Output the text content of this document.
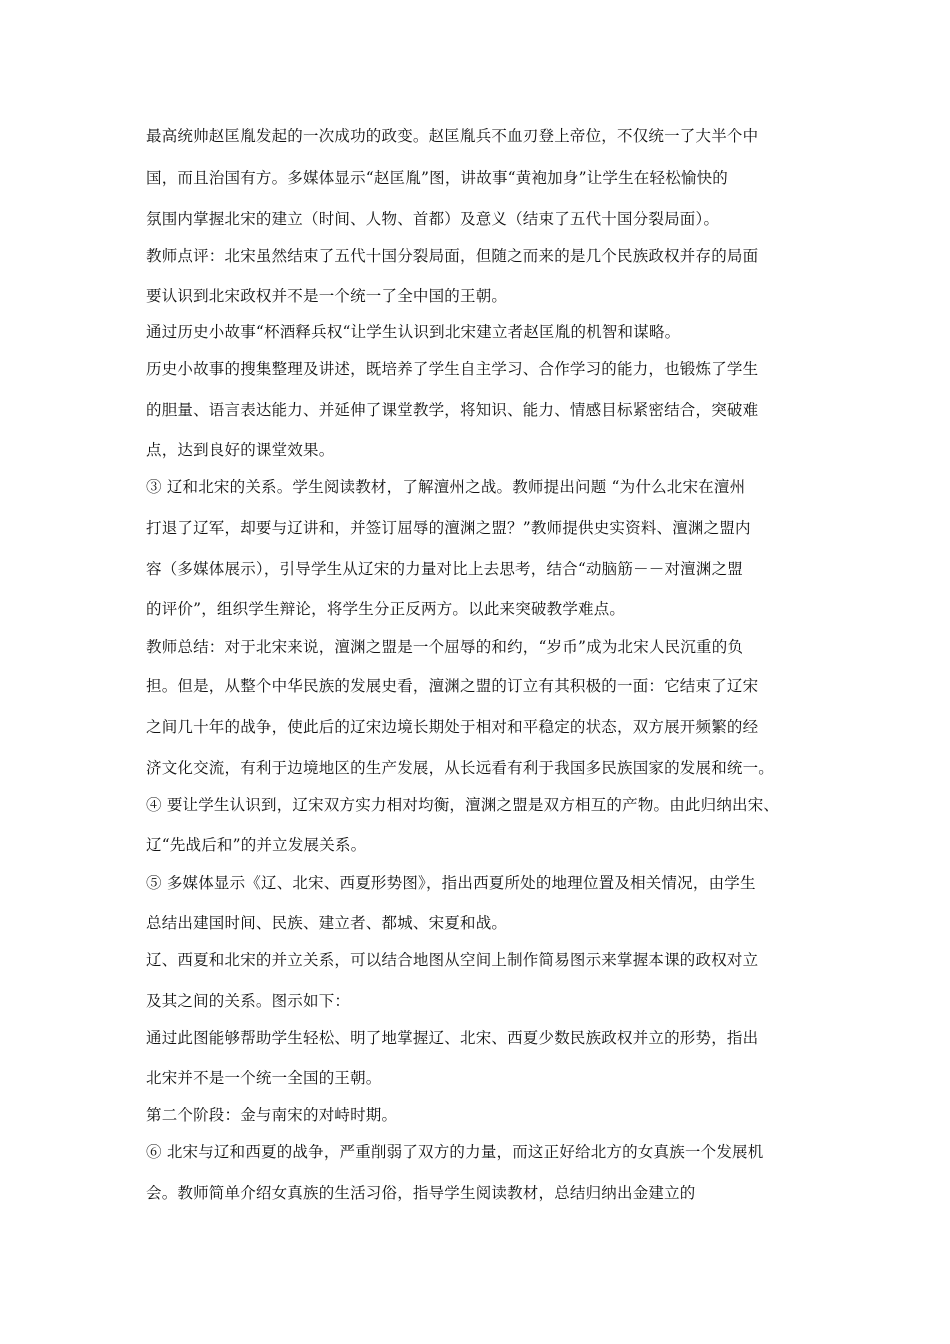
最高统帅赵匡胤发起的一次成功的政变。赵匡胤兵不血刃登上帝位，不仅统一了大半个中
国，而且治国有方。多媒体显示“赵匡胤”图，讲故事“黄袍加身”让学生在轻松愉快的
氛围内掌握北宋的建立（时间、人物、首都）及意义（结束了五代十国分裂局面）。
教师点评：北宋虽然结束了五代十国分裂局面，但随之而来的是几个民族政权并存的局面
要认识到北宋政权并不是一个统一了全中国的王朝。
通过历史小故事“杯酒释兵权“让学生认识到北宋建立者赵匡胤的机智和谋略。
历史小故事的搜集整理及讲述，既培养了学生自主学习、合作学习的能力，也锻炼了学生
的胆量、语言表达能力、并延伸了课堂教学，将知识、能力、情感目标紧密结合，突破难
点，达到良好的课堂效果。
③ 辽和北宋的关系。学生阅读教材，了解澶州之战。教师提出问题 “为什么北宋在澶州
打退了辽军，却要与辽讲和，并签订屈辱的澶渊之盟？”教师提供史实资料、澶渊之盟内
容（多媒体展示），引导学生从辽宋的力量对比上去思考，结合“动脑筋－－对澶渊之盟
的评价”，组织学生辩论，将学生分正反两方。以此来突破教学难点。
教师总结：对于北宋来说，澶渊之盟是一个屈辱的和约，“岁币”成为北宋人民沉重的负
担。但是，从整个中华民族的发展史看，澶渊之盟的订立有其积极的一面：它结束了辽宋
之间几十年的战争，使此后的辽宋边境长期处于相对和平稳定的状态，双方展开频繁的经
济文化交流，有利于边境地区的生产发展，从长远看有利于我国多民族国家的发展和统一。
④ 要让学生认识到，辽宋双方实力相对均衡，澶渊之盟是双方相互的产物。由此归纳出宋、
辽“先战后和”的并立发展关系。
⑤ 多媒体显示《辽、北宋、西夏形势图》，指出西夏所处的地理位置及相关情况，由学生
总结出建国时间、民族、建立者、都城、宋夏和战。
辽、西夏和北宋的并立关系，可以结合地图从空间上制作简易图示来掌握本课的政权对立
及其之间的关系。图示如下：
通过此图能够帮助学生轻松、明了地掌握辽、北宋、西夏少数民族政权并立的形势，指出
北宋并不是一个统一全国的王朝。
第二个阶段：金与南宋的对峙时期。
⑥ 北宋与辽和西夏的战争，严重削弱了双方的力量，而这正好给北方的女真族一个发展机
会。教师简单介绍女真族的生活习俗，指导学生阅读教材，总结归纳出金建立的
